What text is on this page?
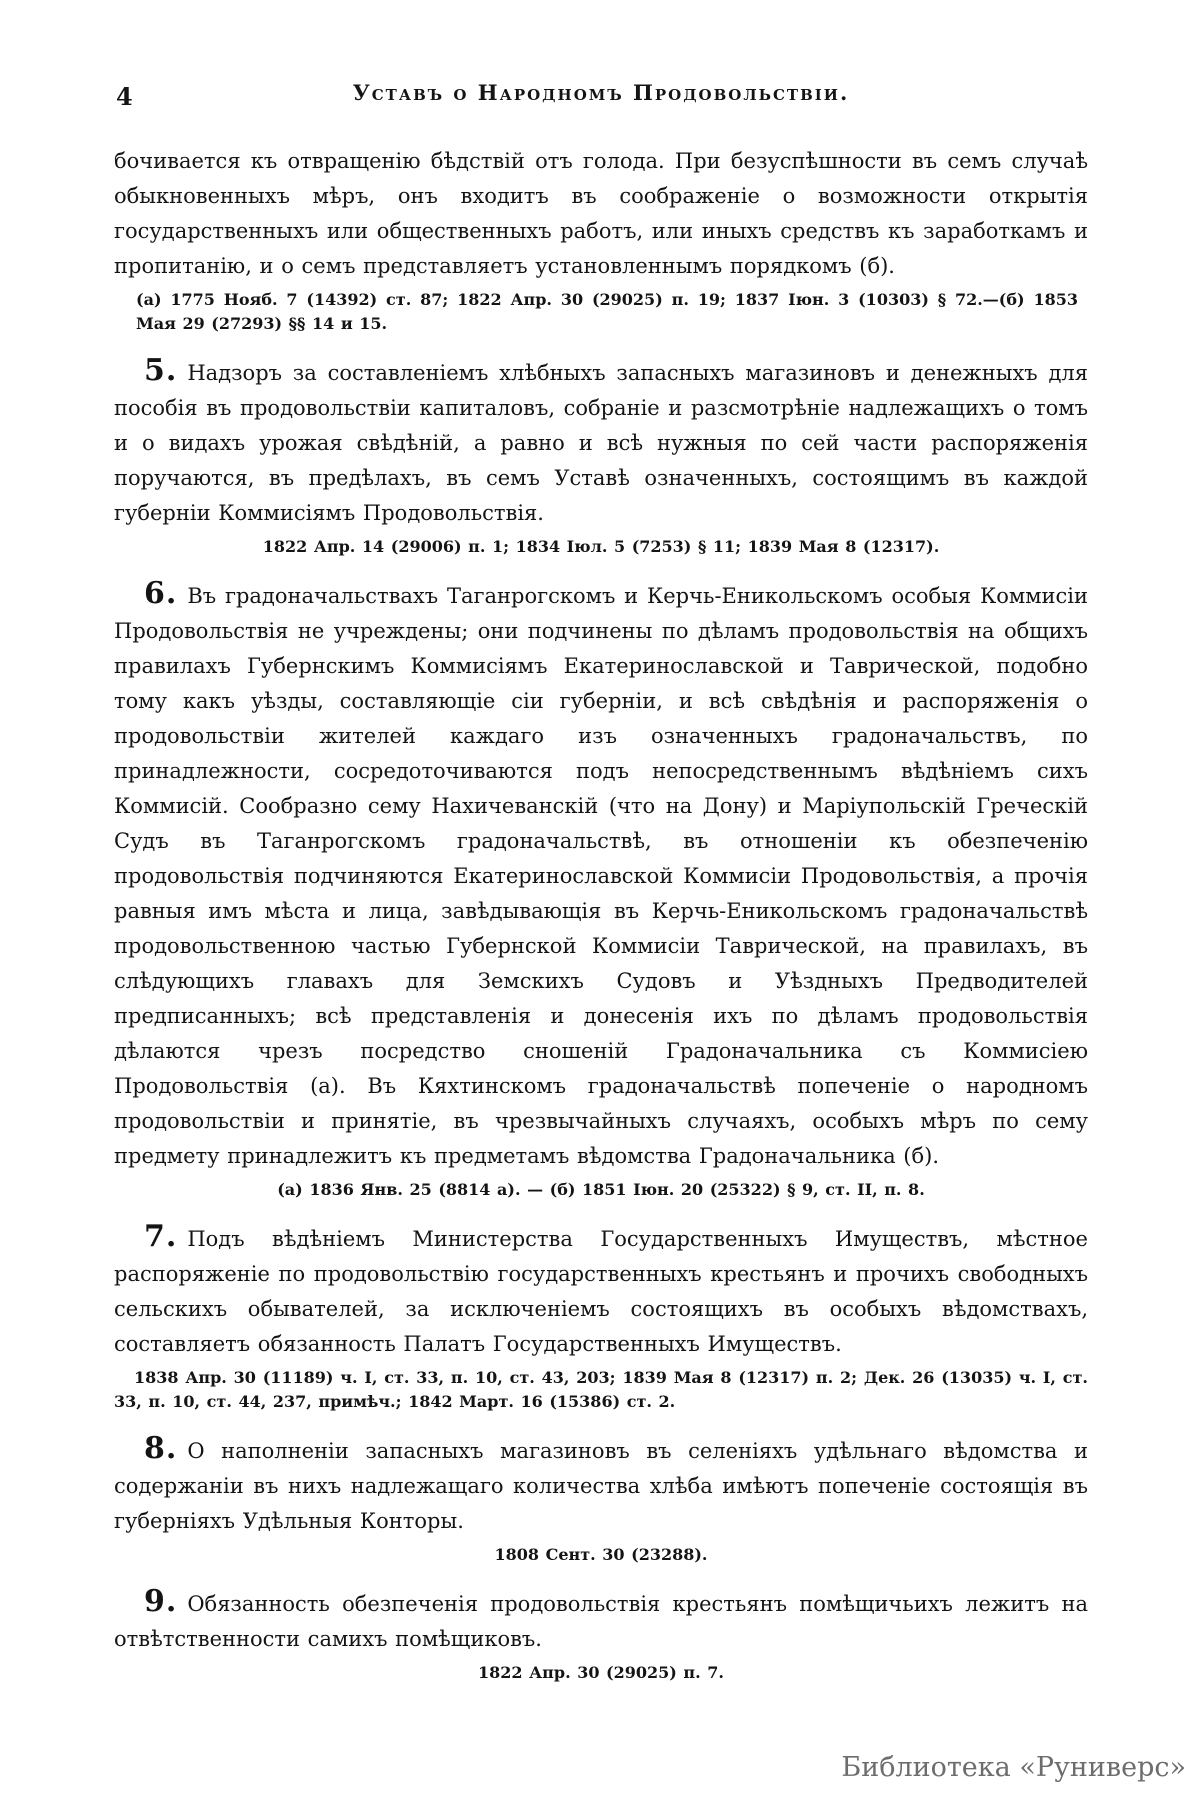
4	Уставъ о Народномъ Продовольствіи.

бочивается къ отвращенію бѣдствій отъ голода. При безуспѣшности въ семъ случаѣ обыкновенныхъ мѣръ, онъ входитъ въ соображеніе о возможности открытія государственныхъ или общественныхъ работъ, или иныхъ средствъ къ заработкамъ и пропитанію, и о семъ представляетъ установленнымъ порядкомъ (б).

(а) 1775 Нояб. 7 (14392) ст. 87; 1822 Апр. 30 (29025) п. 19; 1837 Іюн. 3 (10303) § 72.—(б) 1853 Мая 29 (27293) §§ 14 и 15.

5. Надзоръ за составленіемъ хлѣбныхъ запасныхъ магазиновъ и денежныхъ для пособія въ продовольствіи капиталовъ, собраніе и разсмотрѣніе надлежащихъ о томъ и о видахъ урожая свѣдѣній, а равно и всѣ нужныя по сей части распоряженія поручаются, въ предѣлахъ, въ семъ Уставѣ означенныхъ, состоящимъ въ каждой губерніи Коммисіямъ Продовольствія.

1822 Апр. 14 (29006) п. 1; 1834 Іюл. 5 (7253) § 11; 1839 Мая 8 (12317).

6. Въ градоначальствахъ Таганрогскомъ и Керчь-Еникольскомъ особыя Коммисіи Продовольствія не учреждены; они подчинены по дѣламъ продовольствія на общихъ правилахъ Губернскимъ Коммисіямъ Екатеринославской и Таврической, подобно тому какъ уѣзды, составляющіе сіи губерніи, и всѣ свѣдѣнія и распоряженія о продовольствіи жителей каждаго изъ означенныхъ градоначальствъ, по принадлежности, сосредоточиваются подъ непосредственнымъ вѣдѣніемъ сихъ Коммисій. Сообразно сему Нахичеванскій (что на Дону) и Маріупольскій Греческій Судъ въ Таганрогскомъ градоначальствѣ, въ отношеніи къ обезпеченію продовольствія подчиняются Екатеринославской Коммисіи Продовольствія, а прочія равныя имъ мѣста и лица, завѣдывающія въ Керчь-Еникольскомъ градоначальствѣ продовольственною частью Губернской Коммисіи Таврической, на правилахъ, въ слѣдующихъ главахъ для Земскихъ Судовъ и Уѣздныхъ Предводителей предписанныхъ; всѣ представленія и донесенія ихъ по дѣламъ продовольствія дѣлаются чрезъ посредство сношеній Градоначальника съ Коммисіею Продовольствія (а). Въ Кяхтинскомъ градоначальствѣ попеченіе о народномъ продовольствіи и принятіе, въ чрезвычайныхъ случаяхъ, особыхъ мѣръ по сему предмету принадлежитъ къ предметамъ вѣдомства Градоначальника (б).

(а) 1836 Янв. 25 (8814 а). — (б) 1851 Іюн. 20 (25322) § 9, ст. II, п. 8.

7. Подъ вѣдѣніемъ Министерства Государственныхъ Имуществъ, мѣстное распоряженіе по продовольствію государственныхъ крестьянъ и прочихъ свободныхъ сельскихъ обывателей, за исключеніемъ состоящихъ въ особыхъ вѣдомствахъ, составляетъ обязанность Палатъ Государственныхъ Имуществъ.

1838 Апр. 30 (11189) ч. I, ст. 33, п. 10, ст. 43, 203; 1839 Мая 8 (12317) п. 2; Дек. 26 (13035) ч. I, ст. 33, п. 10, ст. 44, 237, примѣч.; 1842 Март. 16 (15386) ст. 2.

8. О наполненіи запасныхъ магазиновъ въ селеніяхъ удѣльнаго вѣдомства и содержаніи въ нихъ надлежащаго количества хлѣба имѣютъ попеченіе состоящія въ губерніяхъ Удѣльныя Конторы.

1808 Сент. 30 (23288).

9. Обязанность обезпеченія продовольствія крестьянъ помѣщичьихъ лежитъ на отвѣтственности самихъ помѣщиковъ.

1822 Апр. 30 (29025) п. 7.

Библиотека «Руниверс»
